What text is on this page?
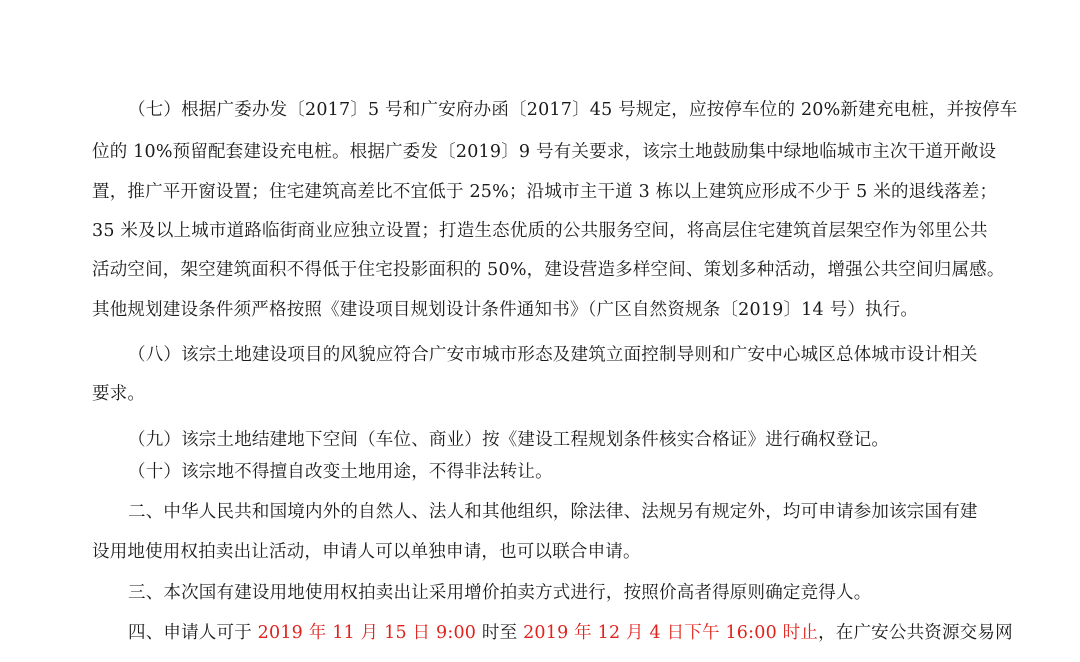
（七）根据广委办发〔2017〕5 号和广安府办函〔2017〕45 号规定，应按停车位的 20%新建充电桩，并按停车
位的 10%预留配套建设充电桩。根据广委发〔2019〕9 号有关要求，该宗土地鼓励集中绿地临城市主次干道开敞设
置，推广平开窗设置；住宅建筑高差比不宜低于 25%；沿城市主干道 3 栋以上建筑应形成不少于 5 米的退线落差；
35 米及以上城市道路临街商业应独立设置；打造生态优质的公共服务空间，将高层住宅建筑首层架空作为邻里公共
活动空间，架空建筑面积不得低于住宅投影面积的 50%，建设营造多样空间、策划多种活动，增强公共空间归属感。
其他规划建设条件须严格按照《建设项目规划设计条件通知书》（广区自然资规条〔2019〕14 号）执行。
（八）该宗土地建设项目的风貌应符合广安市城市形态及建筑立面控制导则和广安中心城区总体城市设计相关
要求。
（九）该宗土地结建地下空间（车位、商业）按《建设工程规划条件核实合格证》进行确权登记。
（十）该宗地不得擅自改变土地用途，不得非法转让。
二、中华人民共和国境内外的自然人、法人和其他组织，除法律、法规另有规定外，均可申请参加该宗国有建
设用地使用权拍卖出让活动，申请人可以单独申请，也可以联合申请。
三、本次国有建设用地使用权拍卖出让采用增价拍卖方式进行，按照价高者得原则确定竞得人。
四、申请人可于 2019 年 11 月 15 日 9:00 时至 2019 年 12 月 4 日下午 16:00 时止，在广安公共资源交易网
